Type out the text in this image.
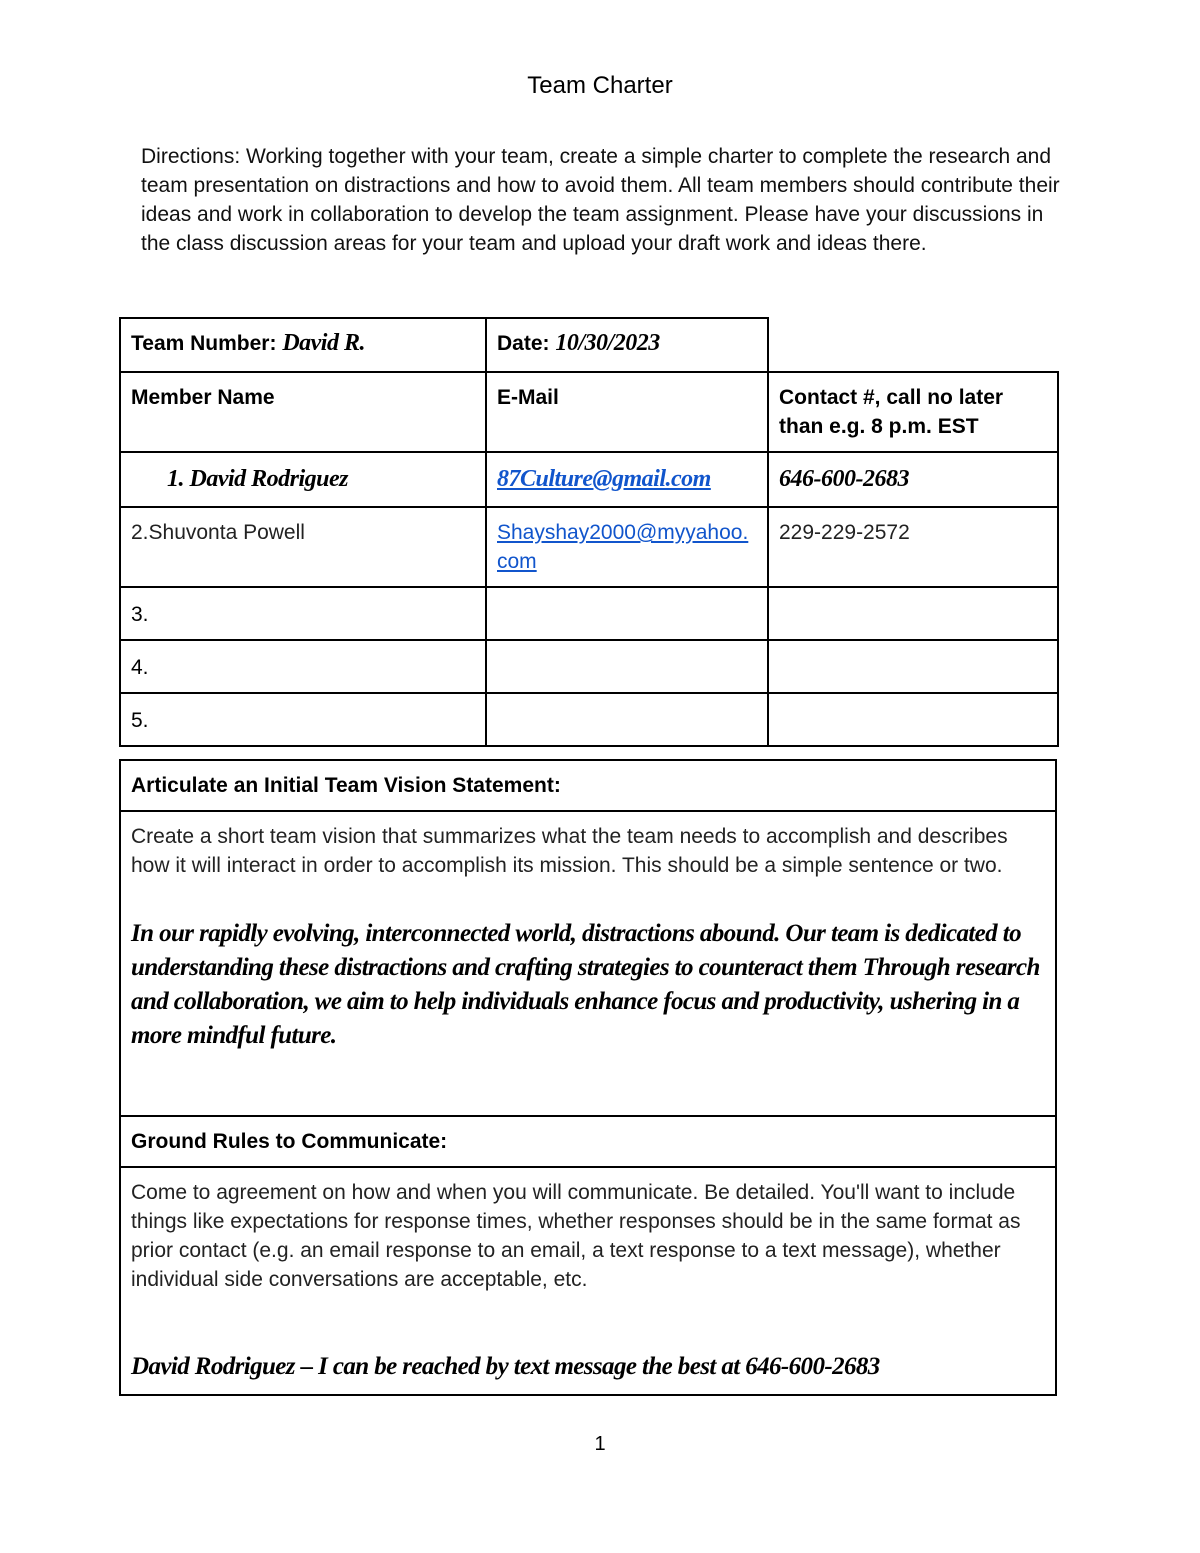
Team Charter
Directions: Working together with your team, create a simple charter to complete the research and team presentation on distractions and how to avoid them. All team members should contribute their ideas and work in collaboration to develop the team assignment. Please have your discussions in the class discussion areas for your team and upload your draft work and ideas there.
Team Number: David R.	Date: 10/30/2023	
Member Name	E-Mail	Contact #, call no later than e.g. 8 p.m. EST
1. David Rodriguez	87Culture@gmail.com	646-600-2683
2.Shuvonta Powell	Shayshay2000@myyahoo.com	229-229-2572
3.		
4.		
5.		
Articulate an Initial Team Vision Statement:

Create a short team vision that summarizes what the team needs to accomplish and describes how it will interact in order to accomplish its mission. This should be a simple sentence or two.
In our rapidly evolving, interconnected world, distractions abound. Our team is dedicated to understanding these distractions and crafting strategies to counteract them Through research and collaboration, we aim to help individuals enhance focus and productivity, ushering in a more mindful future.

Ground Rules to Communicate:

Come to agreement on how and when you will communicate. Be detailed. You'll want to include things like expectations for response times, whether responses should be in the same format as prior contact (e.g. an email response to an email, a text response to a text message), whether individual side conversations are acceptable, etc.
David Rodriguez – I can be reached by text message the best at 646-600-2683
1
